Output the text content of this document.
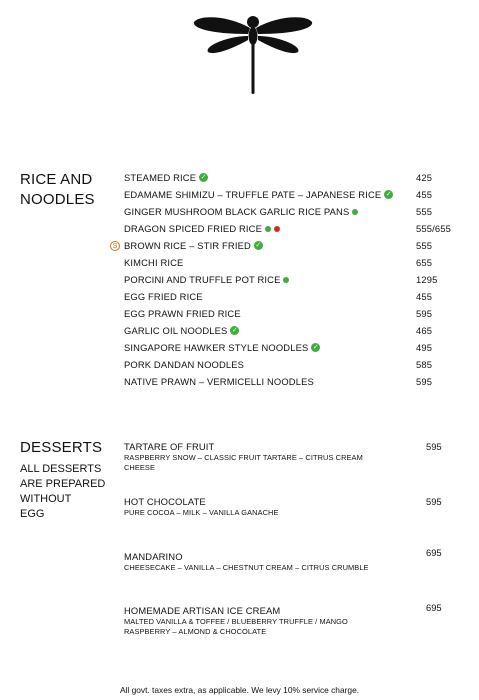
RICE AND
NOODLES
S
STEAMED RICE ✓	425
EDAMAME SHIMIZU – TRUFFLE PATE – JAPANESE RICE ✓	455
GINGER MUSHROOM BLACK GARLIC RICE PANS	555
DRAGON SPICED FRIED RICE	555/655
BROWN RICE – STIR FRIED ✓	555
KIMCHI RICE	655
PORCINI AND TRUFFLE POT RICE	1295
EGG FRIED RICE	455
EGG PRAWN FRIED RICE	595
GARLIC OIL NOODLES ✓	465
SINGAPORE HAWKER STYLE NOODLES ✓	495
PORK DANDAN NOODLES	585
NATIVE PRAWN – VERMICELLI NOODLES	595
DESSERTS
ALL DESSERTS
ARE PREPARED
WITHOUT
EGG
TARTARE OF FRUIT
RASPBERRY SNOW – CLASSIC FRUIT TARTARE – CITRUS CREAM CHEESE
595
HOT CHOCOLATE
PURE COCOA – MILK – VANILLA GANACHE
595
MANDARINO
CHEESECAKE – VANILLA – CHESTNUT CREAM – CITRUS CRUMBLE
695
HOMEMADE ARTISAN ICE CREAM
MALTED VANILLA & TOFFEE / BLUEBERRY TRUFFLE / MANGO RASPBERRY – ALMOND & CHOCOLATE
695
All govt. taxes extra, as applicable. We levy 10% service charge.
